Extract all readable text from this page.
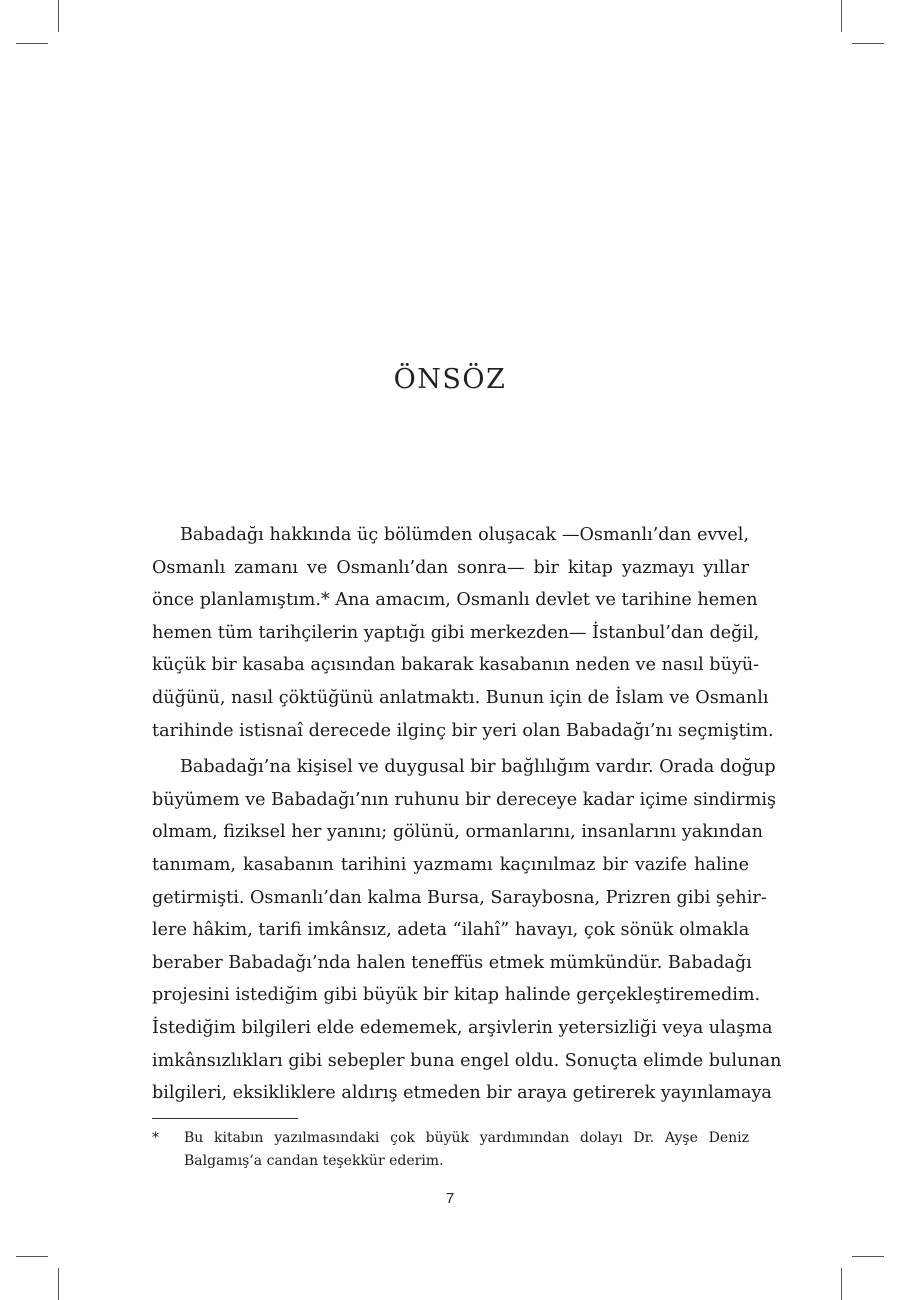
ÖNSÖZ
Babadağı hakkında üç bölümden oluşacak —Osmanlı’dan evvel,
Osmanlı zamanı ve Osmanlı’dan sonra— bir kitap yazmayı yıllar
önce planlamıştım.* Ana amacım, Osmanlı devlet ve tarihine hemen
hemen tüm tarihçilerin yaptığı gibi merkezden— İstanbul’dan değil,
küçük bir kasaba açısından bakarak kasabanın neden ve nasıl büyü-
düğünü, nasıl çöktüğünü anlatmaktı. Bunun için de İslam ve Osmanlı
tarihinde istisnaî derecede ilginç bir yeri olan Babadağı’nı seçmiştim.
Babadağı’na kişisel ve duygusal bir bağlılığım vardır. Orada doğup
büyümem ve Babadağı’nın ruhunu bir dereceye kadar içime sindirmiş
olmam, fiziksel her yanını; gölünü, ormanlarını, insanlarını yakından
tanımam, kasabanın tarihini yazmamı kaçınılmaz bir vazife haline
getirmişti. Osmanlı’dan kalma Bursa, Saraybosna, Prizren gibi şehir-
lere hâkim, tarifi imkânsız, adeta “ilahî” havayı, çok sönük olmakla
beraber Babadağı’nda halen teneffüs etmek mümkündür. Babadağı
projesini istediğim gibi büyük bir kitap halinde gerçekleştiremedim.
İstediğim bilgileri elde edememek, arşivlerin yetersizliği veya ulaşma
imkânsızlıkları gibi sebepler buna engel oldu. Sonuçta elimde bulunan
bilgileri, eksikliklere aldırış etmeden bir araya getirerek yayınlamaya
* Bu kitabın yazılmasındaki çok büyük yardımından dolayı Dr. Ayşe Deniz
Balgamış’a candan teşekkür ederim.
7
